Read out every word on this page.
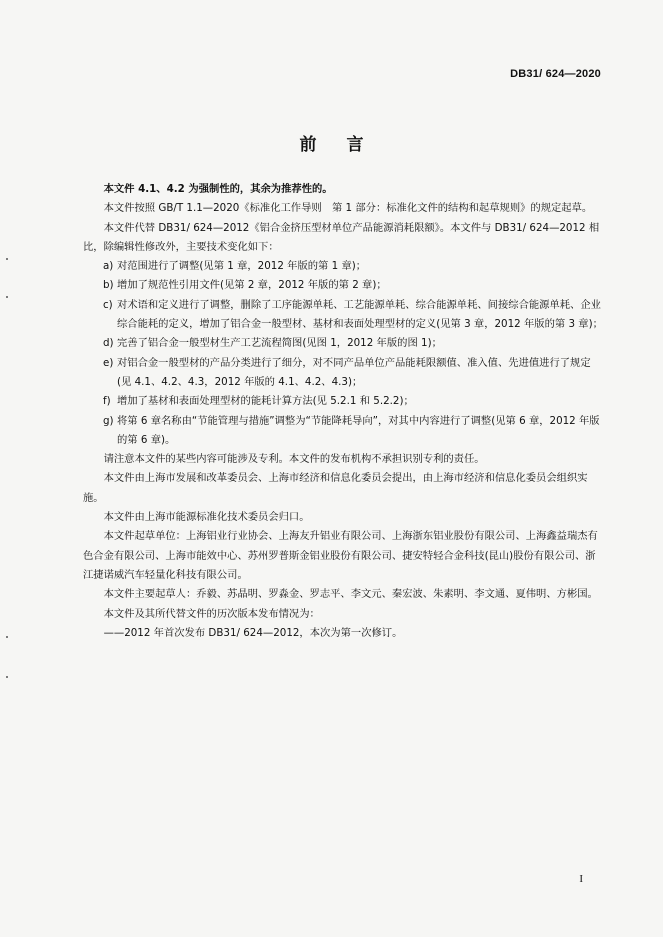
DB31/ 624—2020
前言

本文件 4.1、4.2 为强制性的，其余为推荐性的。

本文件按照 GB/T 1.1—2020《标准化工作导则　第 1 部分：标准化文件的结构和起草规则》的规定起草。

本文件代替 DB31/ 624—2012《铝合金挤压型材单位产品能源消耗限额》。本文件与 DB31/ 624—2012 相比，除编辑性修改外，主要技术变化如下：

a) 对范围进行了调整(见第 1 章，2012 年版的第 1 章)；
b) 增加了规范性引用文件(见第 2 章，2012 年版的第 2 章)；
c) 对术语和定义进行了调整，删除了工序能源单耗、工艺能源单耗、综合能源单耗、间接综合能源单耗、企业综合能耗的定义，增加了铝合金一般型材、基材和表面处理型材的定义(见第 3 章，2012 年版的第 3 章)；
d) 完善了铝合金一般型材生产工艺流程简图(见图 1，2012 年版的图 1)；
e) 对铝合金一般型材的产品分类进行了细分，对不同产品单位产品能耗限额值、准入值、先进值进行了规定(见 4.1、4.2、4.3，2012 年版的 4.1、4.2、4.3)；
f) 增加了基材和表面处理型材的能耗计算方法(见 5.2.1 和 5.2.2)；
g) 将第 6 章名称由“节能管理与措施”调整为“节能降耗导向”，对其中内容进行了调整(见第 6 章，2012 年版的第 6 章)。

请注意本文件的某些内容可能涉及专利。本文件的发布机构不承担识别专利的责任。

本文件由上海市发展和改革委员会、上海市经济和信息化委员会提出，由上海市经济和信息化委员会组织实施。

本文件由上海市能源标准化技术委员会归口。

本文件起草单位：上海铝业行业协会、上海友升铝业有限公司、上海浙东铝业股份有限公司、上海鑫益瑞杰有色合金有限公司、上海市能效中心、苏州罗普斯金铝业股份有限公司、捷安特轻合金科技(昆山)股份有限公司、浙江捷诺威汽车轻量化科技有限公司。

本文件主要起草人：乔毅、苏晶明、罗淼金、罗志平、李文元、秦宏波、朱素明、李文通、夏伟明、方彬国。

本文件及其所代替文件的历次版本发布情况为：

——2012 年首次发布 DB31/ 624—2012，本次为第一次修订。

I
